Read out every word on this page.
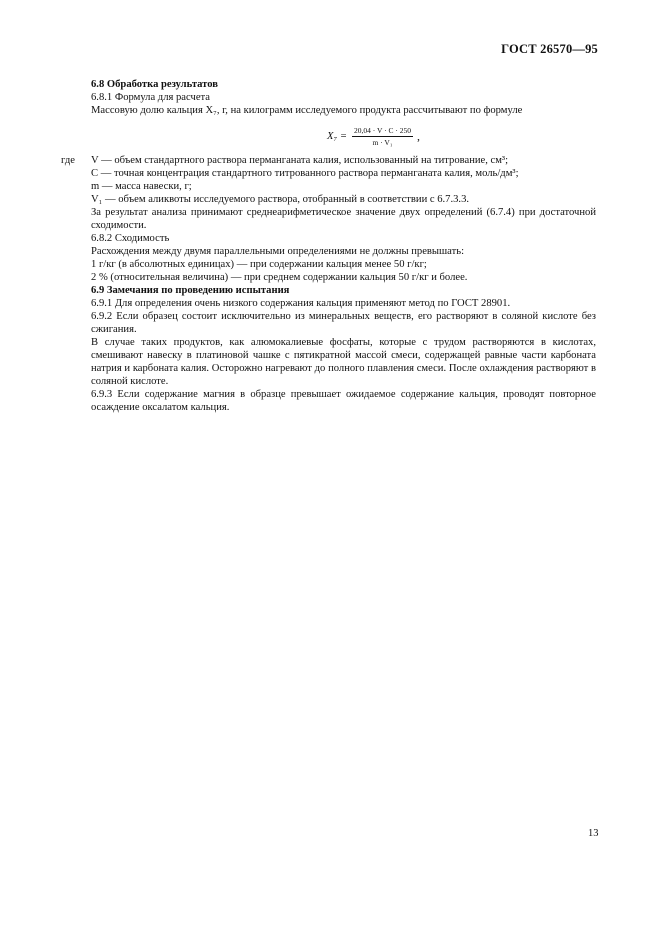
ГОСТ 26570—95
6.8 Обработка результатов
6.8.1 Формула для расчета
Массовую долю кальция X₇, г, на килограмм исследуемого продукта рассчитывают по формуле
$X_7 = \frac{20,04 \cdot V \cdot C \cdot 250}{\text{m · V₁}}$ ,
где V — объем стандартного раствора перманганата калия, использованный на титрование, см³;
C — точная концентрация стандартного титрованного раствора перманганата калия, моль/дм³;
m — масса навески, г;
V₁ — объем аликвоты исследуемого раствора, отобранный в соответствии с 6.7.3.3.
За результат анализа принимают среднеарифметическое значение двух определений (6.7.4) при достаточной сходимости.
6.8.2 Сходимость
Расхождения между двумя параллельными определениями не должны превышать:
1 г/кг (в абсолютных единицах) — при содержании кальция менее 50 г/кг;
2 % (относительная величина) — при среднем содержании кальция 50 г/кг и более.
6.9 Замечания по проведению испытания
6.9.1 Для определения очень низкого содержания кальция применяют метод по ГОСТ 28901.
6.9.2 Если образец состоит исключительно из минеральных веществ, его растворяют в соляной кислоте без сжигания.
В случае таких продуктов, как алюмокалиевые фосфаты, которые с трудом растворяются в кислотах, смешивают навеску в платиновой чашке с пятикратной массой смеси, содержащей равные части карбоната натрия и карбоната калия. Осторожно нагревают до полного плавления смеси. После охлаждения растворяют в соляной кислоте.
6.9.3 Если содержание магния в образце превышает ожидаемое содержание кальция, проводят повторное осаждение оксалатом кальция.
13
